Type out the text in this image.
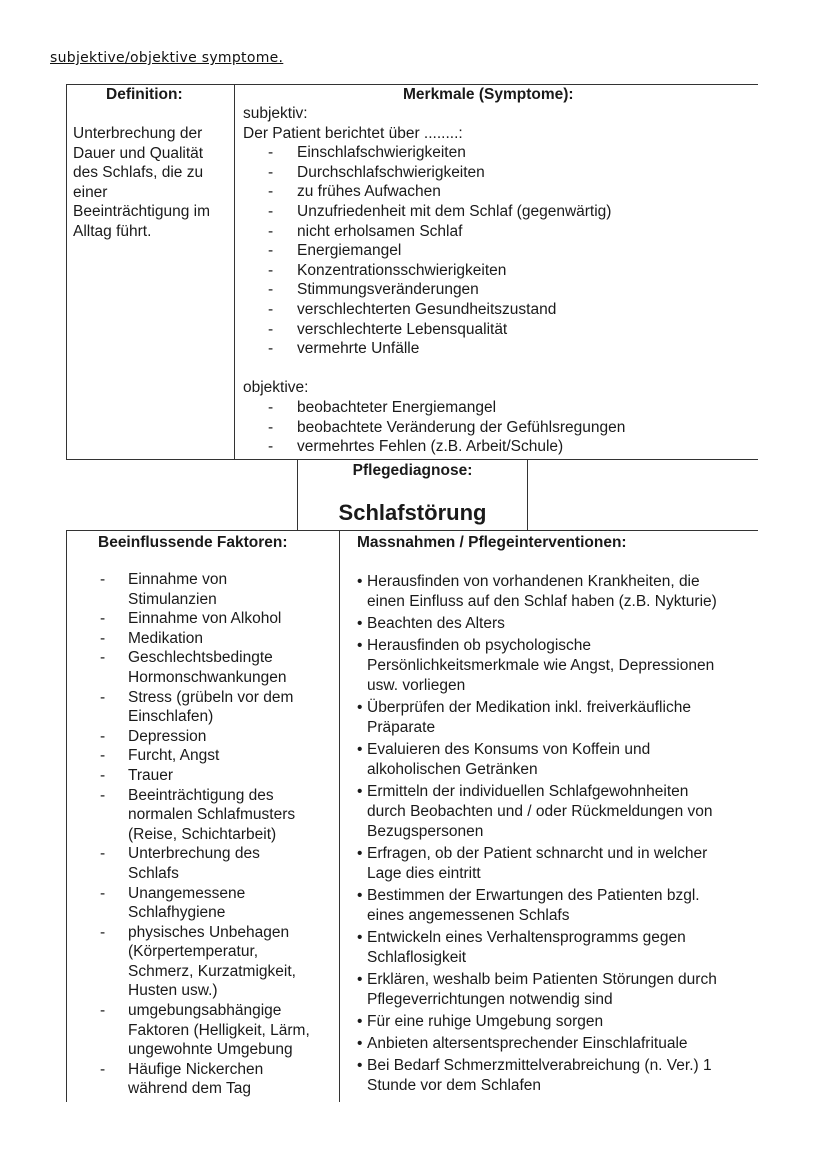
subjektive/objektive symptome.
Definition:
Unterbrechung der
Dauer und Qualität
des Schlafs, die zu
einer
Beeinträchtigung im
Alltag führt.
Merkmale (Symptome):
subjektiv:
Der Patient berichtet über ........:
- Einschlafschwierigkeiten
- Durchschlafschwierigkeiten
- zu frühes Aufwachen
- Unzufriedenheit mit dem Schlaf (gegenwärtig)
- nicht erholsamen Schlaf
- Energiemangel
- Konzentrationsschwierigkeiten
- Stimmungsveränderungen
- verschlechterten Gesundheitszustand
- verschlechterte Lebensqualität
- vermehrte Unfälle
objektive:
- beobachteter Energiemangel
- beobachtete Veränderung der Gefühlsregungen
- vermehrtes Fehlen (z.B. Arbeit/Schule)
Pflegediagnose:
Schlafstörung
Beeinflussende Faktoren:
- Einnahme von
Stimulanzien
- Einnahme von Alkohol
- Medikation
- Geschlechtsbedingte
Hormonschwankungen
- Stress (grübeln vor dem
Einschlafen)
- Depression
- Furcht, Angst
- Trauer
- Beeinträchtigung des
normalen Schlafmusters
(Reise, Schichtarbeit)
- Unterbrechung des
Schlafs
- Unangemessene
Schlafhygiene
- physisches Unbehagen
(Körpertemperatur,
Schmerz, Kurzatmigkeit,
Husten usw.)
- umgebungsabhängige
Faktoren (Helligkeit, Lärm,
ungewohnte Umgebung
- Häufige Nickerchen
während dem Tag
Massnahmen / Pflegeinterventionen:
• Herausfinden von vorhandenen Krankheiten, die
einen Einfluss auf den Schlaf haben (z.B. Nykturie)
• Beachten des Alters
• Herausfinden ob psychologische
Persönlichkeitsmerkmale wie Angst, Depressionen
usw. vorliegen
• Überprüfen der Medikation inkl. freiverkäufliche
Präparate
• Evaluieren des Konsums von Koffein und
alkoholischen Getränken
• Ermitteln der individuellen Schlafgewohnheiten
durch Beobachten und / oder Rückmeldungen von
Bezugspersonen
• Erfragen, ob der Patient schnarcht und in welcher
Lage dies eintritt
• Bestimmen der Erwartungen des Patienten bzgl.
eines angemessenen Schlafs
• Entwickeln eines Verhaltensprogramms gegen
Schlaflosigkeit
• Erklären, weshalb beim Patienten Störungen durch
Pflegeverrichtungen notwendig sind
• Für eine ruhige Umgebung sorgen
• Anbieten altersentsprechender Einschlafrituale
• Bei Bedarf Schmerzmittelverabreichung (n. Ver.) 1
Stunde vor dem Schlafen
